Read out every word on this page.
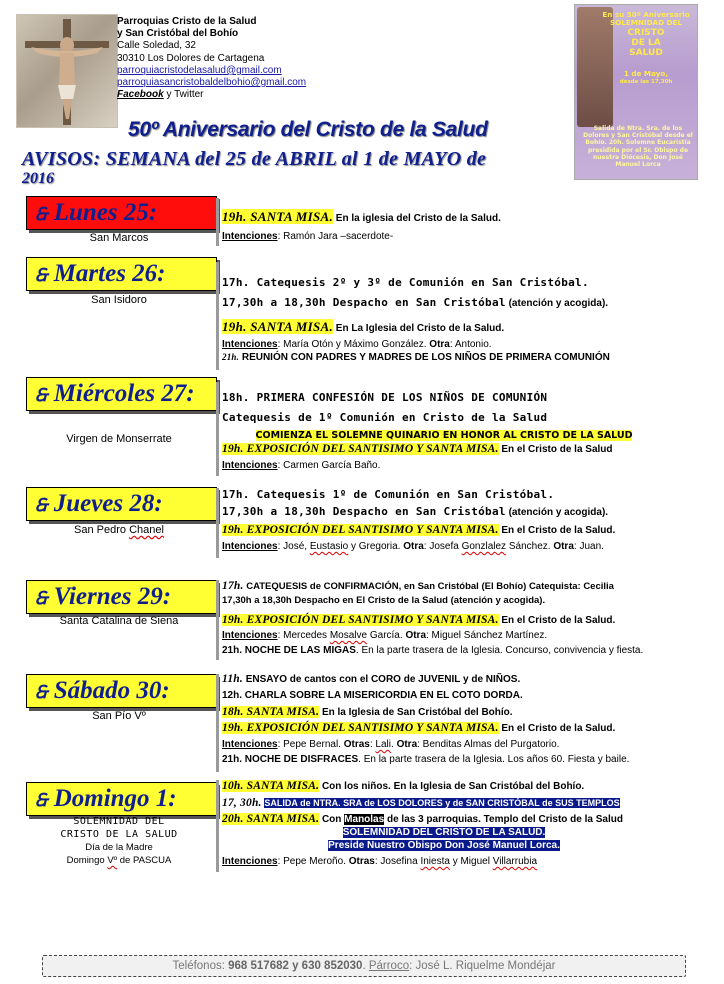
Parroquias Cristo de la Salud
y San Cristóbal del Bohío
Calle Soledad, 32
30310 Los Dolores de Cartagena
parroquiacristodelasalud@gmail.com
parroquiasancristobaldelbohio@gmail.com
Facebook y Twitter
En su 50º Aniversario
SOLEMNIDAD DEL
CRISTO
DE LA
SALUD
1 de Mayo,
desde las 17,30h
Salida de Ntra. Sra. de los Dolores y San Cristóbal desde el Bohío. 20h. Solemne Eucaristía presidida por el Sr. Obispo de nuestra Diócesis, Don José Manuel Lorca
50º Aniversario del Cristo de la Salud
AVISOS: SEMANA del 25 de ABRIL al 1 de MAYO de
2016
🙲 Lunes 25:
San Marcos
19h. SANTA MISA. En la iglesia del Cristo de la Salud.
Intenciones: Ramón Jara –sacerdote-
🙲 Martes 26:
San Isidoro
17h. Catequesis 2º y 3º de Comunión en San Cristóbal.
17,30h a 18,30h Despacho en San Cristóbal (atención y acogida).
19h. SANTA MISA. En La Iglesia del Cristo de la Salud.
Intenciones: María Otón y Máximo González. Otra: Antonio.
21h. REUNIÓN CON PADRES Y MADRES DE LOS NIÑOS DE PRIMERA COMUNIÓN
🙲 Miércoles 27:
Virgen de Monserrate
18h. PRIMERA CONFESIÓN DE LOS NIÑOS DE COMUNIÓN
Catequesis de 1º Comunión en Cristo de la Salud
COMIENZA EL SOLEMNE QUINARIO EN HONOR AL CRISTO DE LA SALUD
19h. EXPOSICIÓN DEL SANTISIMO Y SANTA MISA. En el Cristo de la Salud
Intenciones: Carmen García Baño.
🙲 Jueves 28:
San Pedro Chanel
17h. Catequesis 1º de Comunión en San Cristóbal.
17,30h a 18,30h Despacho en San Cristóbal (atención y acogida).
19h. EXPOSICIÓN DEL SANTISIMO Y SANTA MISA. En el Cristo de la Salud.
Intenciones: José, Eustasio y Gregoria. Otra: Josefa Gonzlalez Sánchez. Otra: Juan.
🙲 Viernes 29:
Santa Catalina de Siena
17h. CATEQUESIS de CONFIRMACIÓN, en San Cristóbal (El Bohío) Catequista: Cecilia
17,30h a 18,30h Despacho en El Cristo de la Salud (atención y acogida).
19h. EXPOSICIÓN DEL SANTISIMO Y SANTA MISA. En el Cristo de la Salud.
Intenciones: Mercedes Mosalve García. Otra: Miguel Sánchez Martínez.
21h. NOCHE DE LAS MIGAS. En la parte trasera de la Iglesia. Concurso, convivencia y fiesta.
🙲 Sábado 30:
San Pío Vº
11h. ENSAYO de cantos con el CORO de JUVENIL y de NIÑOS.
12h. CHARLA SOBRE LA MISERICORDIA EN EL COTO DORDA.
18h. SANTA MISA. En la Iglesia de San Cristóbal del Bohío.
19h. EXPOSICIÓN DEL SANTISIMO Y SANTA MISA. En el Cristo de la Salud.
Intenciones: Pepe Bernal. Otras: Lali. Otra: Benditas Almas del Purgatorio.
21h. NOCHE DE DISFRACES. En la parte trasera de la Iglesia. Los años 60. Fiesta y baile.
🙲 Domingo 1:
SOLEMNIDAD DEL
CRISTO DE LA SALUD
Día de la Madre
Domingo Vº de PASCUA
10h. SANTA MISA. Con los niños. En la Iglesia de San Cristóbal del Bohío.
17, 30h. SALIDA de NTRA. SRA de LOS DOLORES y de SAN CRISTÓBAL de SUS TEMPLOS
20h. SANTA MISA. Con Manolas de las 3 parroquias. Templo del Cristo de la Salud
SOLEMNIDAD DEL CRISTO DE LA SALUD.
Preside Nuestro Obispo Don José Manuel Lorca.
Intenciones: Pepe Meroño. Otras: Josefina Iniesta y Miguel Villarrubia
Teléfonos: 968 517682 y 630 852030. Párroco: José L. Riquelme Mondéjar
